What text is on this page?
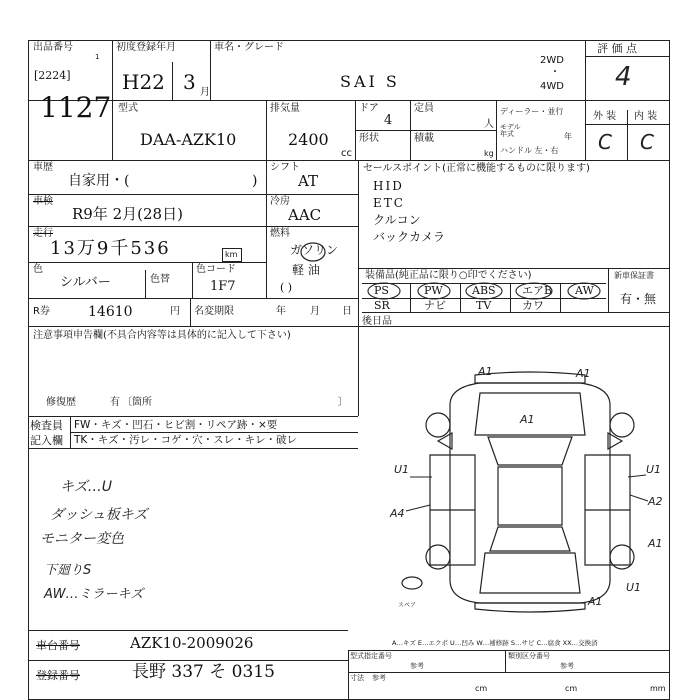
出品番号
1
[2224]
1127
初度登録年月
H22 3 月
車名・グレード
SAI S
2WD
・
4WD
評 価 点
4
型式
DAA-AZK10
排気量
2400
cc
ドア
4
形状
定員
人
積載
kg
ディーラー・並行
モデル
年式	年
ハンドル 左・右
外 装 内 装
C C
車歴
自家用・(	)
シフト
AT
車検
R9年 2月(28日)
冷房
AAC
走行
13万9千536	km
燃料
ガソリン
軽 油
( )
色
シルバー	色替
色コード
1F7
R券	14610	円 名変期限	年 月 日
セールスポイント(正常に機能するものに限ります)
HID
ETC
クルコン
バックカメラ
装備品(純正品に限り○印でください)	新車保証書
有・無
PS	PW	ABS エアB AW
SR	ナビ	TV	カワ
後日品
注意事項申告欄(不具合内容等は具体的に記入して下さい)
修復歴	有 〔箇所	〕
検査員
記入欄
FW・キズ・凹石・ヒビ割・リペア跡・×要
TK・キズ・汚レ・コゲ・穴・スレ・キレ・破レ
キズ…U
ダッシュ板キズ
モニター変色
下廻りS
AW…ミラーキズ
A1	A1
A1
U1	U1
A4
A2
A1
U1
A1
スペア
A…キズ E…エクボ U…凹み W…補修跡 S…サビ C…腐食 XX…交換済
車台番号	AZK10-2009026
登録番号	長野 337 そ 0315
型式指定番号
参考
類別区分番号
参考
寸法 参考
cm	cm	mm
